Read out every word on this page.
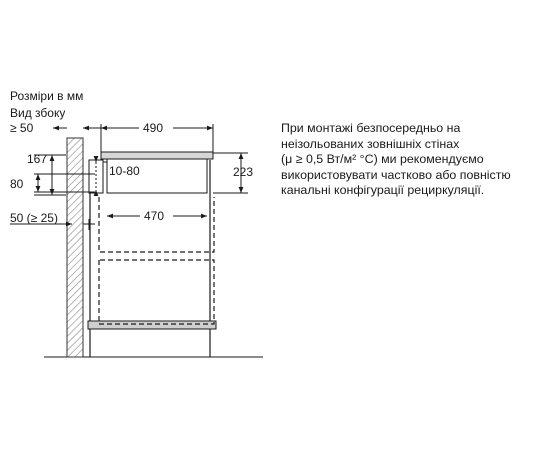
Розміри в мм
Вид збоку
≥ 50
167
80
50 (≥ 25)
10-80
490
470
223
При монтажі безпосередньо на
неізольованих зовнішніх стінах
(μ ≥ 0,5 Вт/м² °C) ми рекомендуємо
використовувати частково або повністю
канальні конфігурації рециркуляції.
